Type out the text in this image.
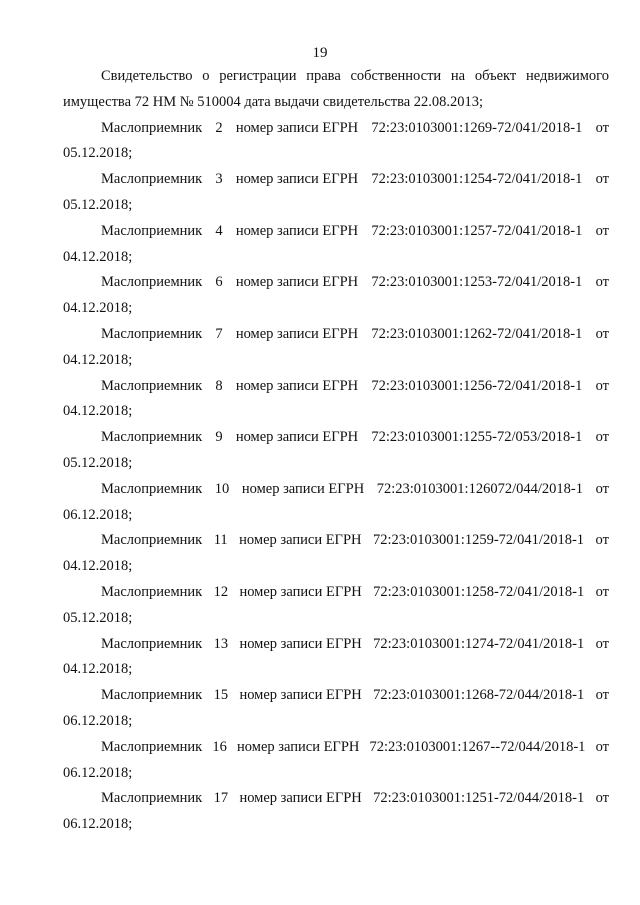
19

Свидетельство о регистрации права собственности на объект недвижимого
имущества 72 НМ № 510004 дата выдачи свидетельства 22.08.2013;

Маслоприемник 2 номер записи ЕГРН 72:23:0103001:1269-72/041/2018-1 от
05.12.2018;

Маслоприемник 3 номер записи ЕГРН 72:23:0103001:1254-72/041/2018-1 от
05.12.2018;

Маслоприемник 4 номер записи ЕГРН 72:23:0103001:1257-72/041/2018-1 от
04.12.2018;

Маслоприемник 6 номер записи ЕГРН 72:23:0103001:1253-72/041/2018-1 от
04.12.2018;

Маслоприемник 7 номер записи ЕГРН 72:23:0103001:1262-72/041/2018-1 от
04.12.2018;

Маслоприемник 8 номер записи ЕГРН 72:23:0103001:1256-72/041/2018-1 от
04.12.2018;

Маслоприемник 9 номер записи ЕГРН 72:23:0103001:1255-72/053/2018-1 от
05.12.2018;

Маслоприемник 10 номер записи ЕГРН 72:23:0103001:126072/044/2018-1 от
06.12.2018;

Маслоприемник 11 номер записи ЕГРН 72:23:0103001:1259-72/041/2018-1 от
04.12.2018;

Маслоприемник 12 номер записи ЕГРН 72:23:0103001:1258-72/041/2018-1 от
05.12.2018;

Маслоприемник 13 номер записи ЕГРН 72:23:0103001:1274-72/041/2018-1 от
04.12.2018;

Маслоприемник 15 номер записи ЕГРН 72:23:0103001:1268-72/044/2018-1 от
06.12.2018;

Маслоприемник 16 номер записи ЕГРН 72:23:0103001:1267--72/044/2018-1 от
06.12.2018;

Маслоприемник 17 номер записи ЕГРН 72:23:0103001:1251-72/044/2018-1 от
06.12.2018;
